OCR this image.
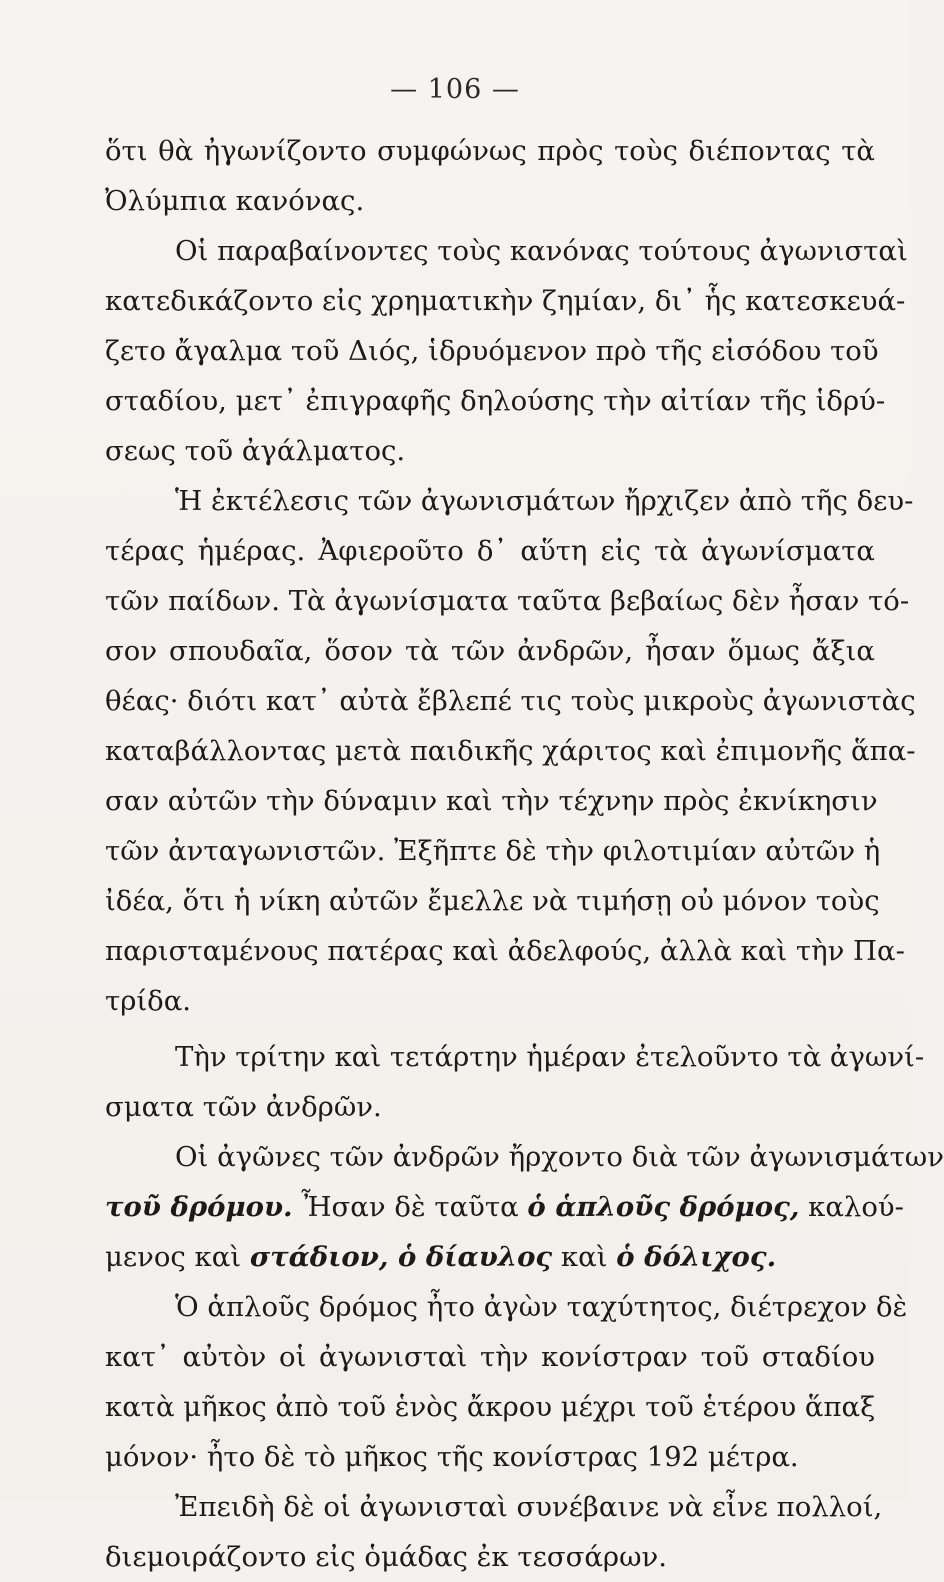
— 106 —
ὅτι θὰ ἠγωνίζοντο συμφώνως πρὸς τοὺς διέποντας τὰ
Ὀλύμπια κανόνας.
Οἱ παραβαίνοντες τοὺς κανόνας τούτους ἀγωνισταὶ
κατεδικάζοντο εἰς χρηματικὴν ζημίαν, δι᾿ ἧς κατεσκευά-
ζετο ἄγαλμα τοῦ Διός, ἱδρυόμενον πρὸ τῆς εἰσόδου τοῦ
σταδίου, μετ᾿ ἐπιγραφῆς δηλούσης τὴν αἰτίαν τῆς ἱδρύ-
σεως τοῦ ἀγάλματος.
Ἡ ἐκτέλεσις τῶν ἀγωνισμάτων ἤρχιζεν ἀπὸ τῆς δευ-
τέρας ἡμέρας. Ἀφιεροῦτο δ᾿ αὕτη εἰς τὰ ἀγωνίσματα
τῶν παίδων. Τὰ ἀγωνίσματα ταῦτα βεβαίως δὲν ἦσαν τό-
σον σπουδαῖα, ὅσον τὰ τῶν ἀνδρῶν, ἦσαν ὅμως ἄξια
θέας· διότι κατ᾿ αὐτὰ ἔβλεπέ τις τοὺς μικροὺς ἀγωνιστὰς
καταβάλλοντας μετὰ παιδικῆς χάριτος καὶ ἐπιμονῆς ἅπα-
σαν αὐτῶν τὴν δύναμιν καὶ τὴν τέχνην πρὸς ἐκνίκησιν
τῶν ἀνταγωνιστῶν. Ἐξῆπτε δὲ τὴν φιλοτιμίαν αὐτῶν ἡ
ἰδέα, ὅτι ἡ νίκη αὐτῶν ἔμελλε νὰ τιμήσῃ οὐ μόνον τοὺς
παρισταμένους πατέρας καὶ ἀδελφούς, ἀλλὰ καὶ τὴν Πα-
τρίδα.
Τὴν τρίτην καὶ τετάρτην ἡμέραν ἐτελοῦντο τὰ ἀγωνί-
σματα τῶν ἀνδρῶν.
Οἱ ἀγῶνες τῶν ἀνδρῶν ἤρχοντο διὰ τῶν ἀγωνισμάτων
τοῦ δρόμου. Ἦσαν δὲ ταῦτα ὁ ἁπλοῦς δρόμος, καλού-
μενος καὶ στάδιον, ὁ δίαυλος καὶ ὁ δόλιχος.
Ὁ ἁπλοῦς δρόμος ἦτο ἀγὼν ταχύτητος, διέτρεχον δὲ
κατ᾿ αὐτὸν οἱ ἀγωνισταὶ τὴν κονίστραν τοῦ σταδίου
κατὰ μῆκος ἀπὸ τοῦ ἑνὸς ἄκρου μέχρι τοῦ ἑτέρου ἅπαξ
μόνον· ἦτο δὲ τὸ μῆκος τῆς κονίστρας 192 μέτρα.
Ἐπειδὴ δὲ οἱ ἀγωνισταὶ συνέβαινε νὰ εἶνε πολλοί,
διεμοιράζοντο εἰς ὁμάδας ἐκ τεσσάρων.
